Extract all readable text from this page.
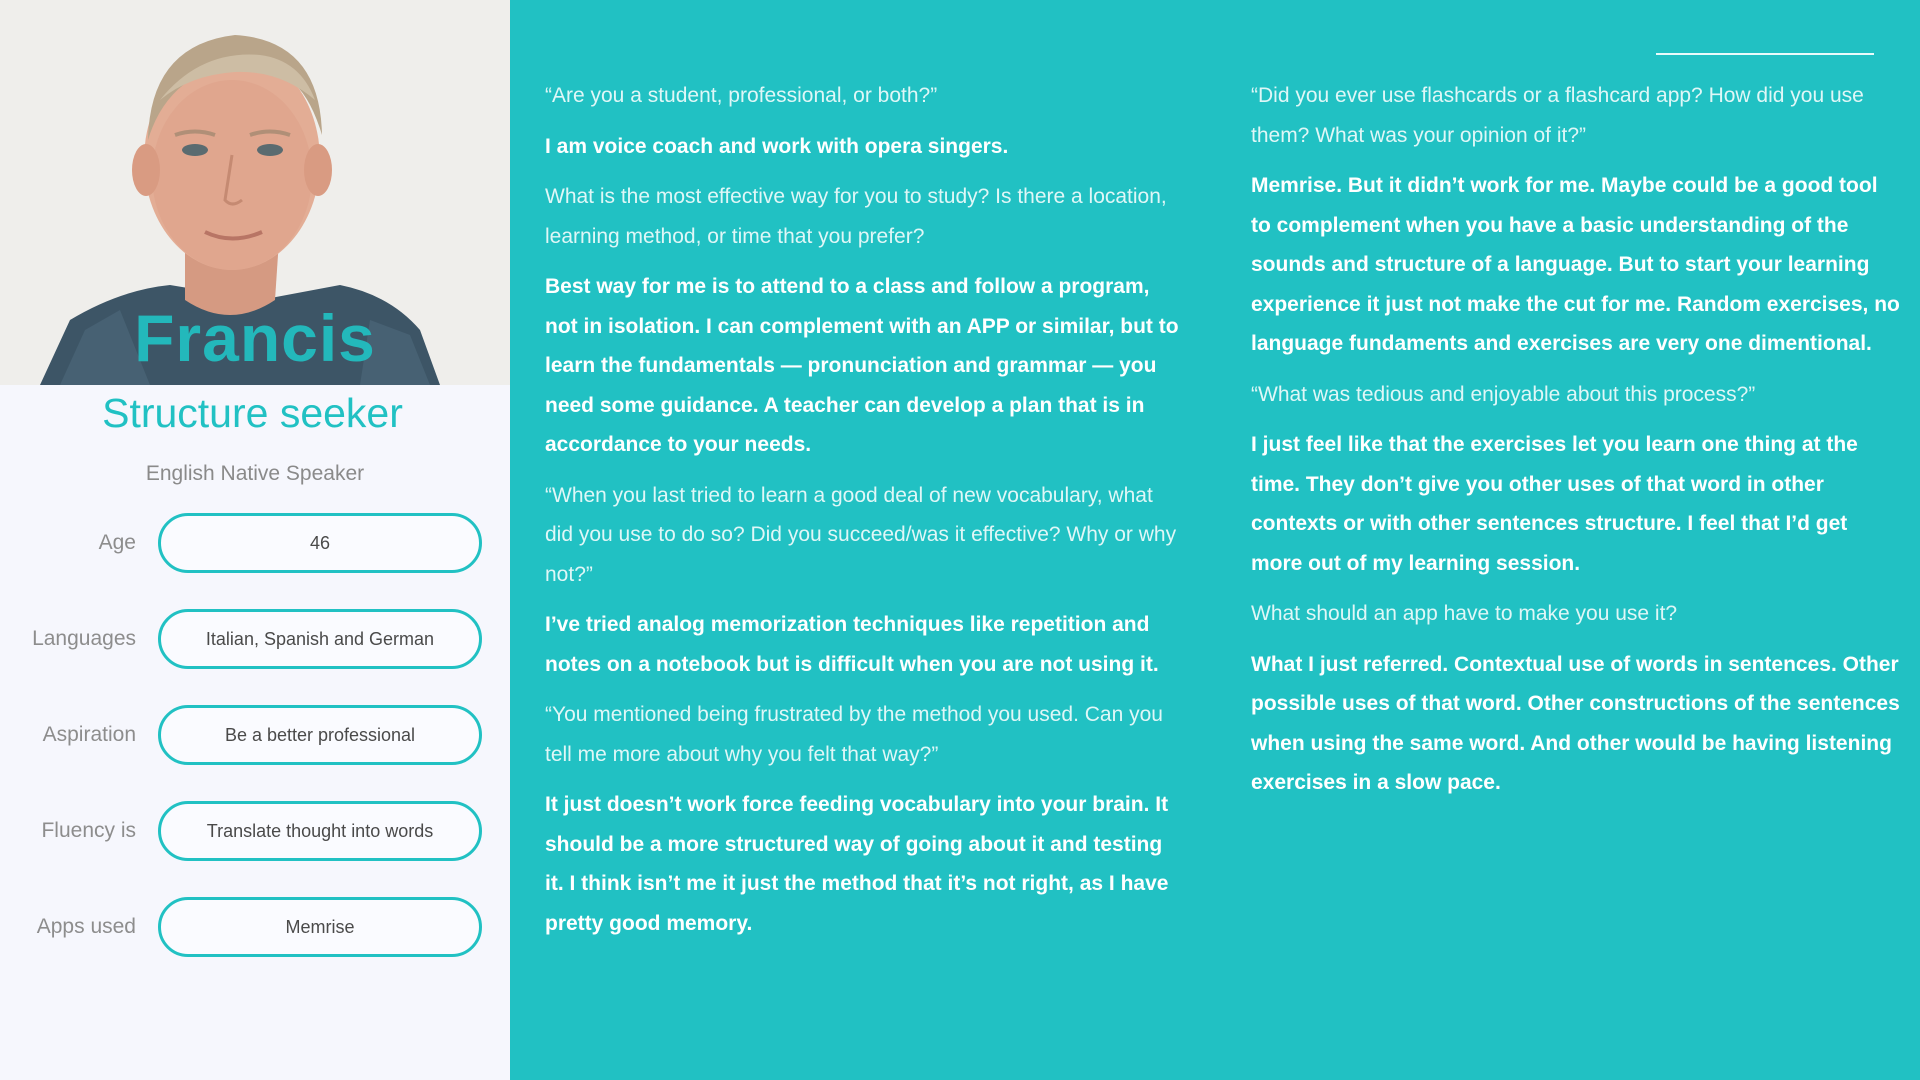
Francis
Structure seeker
English Native Speaker
Age	46
Languages	Italian, Spanish and German
Aspiration	Be a better professional
Fluency is	Translate thought into words
Apps used	Memrise

“Are you a student, professional, or both?”

I am voice coach and work with opera singers.

What is the most effective way for you to study? Is there a location, learning method, or time that you prefer?

Best way for me is to attend to a class and follow a program, not in isolation. I can complement with an APP or similar, but to learn the fundamentals — pronunciation and grammar — you need some guidance. A teacher can develop a plan that is in accordance to your needs.

“When you last tried to learn a good deal of new vocabulary, what did you use to do so? Did you succeed/was it effective? Why or why not?”

I’ve tried analog memorization techniques like repetition and notes on a notebook but is difficult when you are not using it.

“You mentioned being frustrated by the method you used. Can you tell me more about why you felt that way?”

It just doesn’t work force feeding vocabulary into your brain. It should be a more structured way of going about it and testing it. I think isn’t me it just the method that it’s not right, as I have pretty good memory.

“Did you ever use flashcards or a flashcard app? How did you use them? What was your opinion of it?”

Memrise. But it didn’t work for me. Maybe could be a good tool to complement when you have a basic understanding of the sounds and structure of a language. But to start your learning experience it just not make the cut for me. Random exercises, no language fundaments and exercises are very one dimentional.

“What was tedious and enjoyable about this process?”

I just feel like that the exercises let you learn one thing at the time. They don’t give you other uses of that word in other contexts or with other sentences structure. I feel that I’d get more out of my learning session.

What should an app have to make you use it?

What I just referred. Contextual use of words in sentences. Other possible uses of that word. Other constructions of the sentences when using the same word. And other would be having listening exercises in a slow pace.
